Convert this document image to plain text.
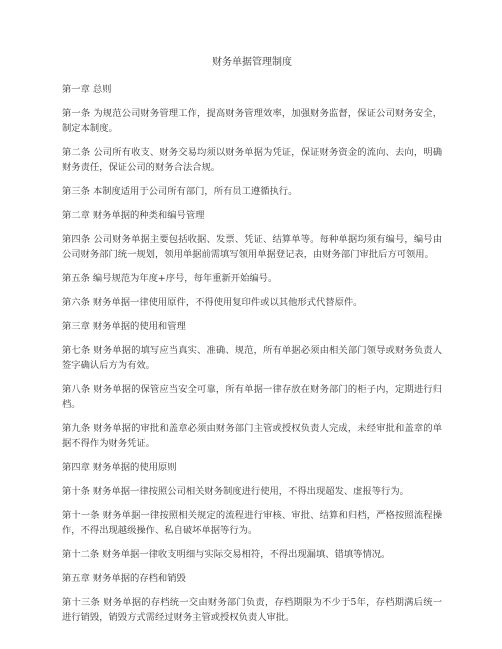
财务单据管理制度

第一章 总则

第一条 为规范公司财务管理工作，提高财务管理效率，加强财务监督，保证公司财务安全，制定本制度。

第二条 公司所有收支、财务交易均须以财务单据为凭证，保证财务资金的流向、去向，明确财务责任，保证公司的财务合法合规。

第三条 本制度适用于公司所有部门，所有员工遵循执行。

第二章 财务单据的种类和编号管理

第四条 公司财务单据主要包括收据、发票、凭证、结算单等。每种单据均须有编号，编号由公司财务部门统一规划，领用单据前需填写领用单据登记表，由财务部门审批后方可领用。

第五条 编号规范为年度+序号，每年重新开始编号。

第六条 财务单据一律使用原件，不得使用复印件或以其他形式代替原件。

第三章 财务单据的使用和管理

第七条 财务单据的填写应当真实、准确、规范，所有单据必须由相关部门领导或财务负责人签字确认后方为有效。

第八条 财务单据的保管应当安全可靠，所有单据一律存放在财务部门的柜子内，定期进行归档。

第九条 财务单据的审批和盖章必须由财务部门主管或授权负责人完成，未经审批和盖章的单据不得作为财务凭证。

第四章 财务单据的使用原则

第十条 财务单据一律按照公司相关财务制度进行使用，不得出现超发、虚报等行为。

第十一条 财务单据一律按照相关规定的流程进行审核、审批、结算和归档，严格按照流程操作，不得出现越级操作、私自破坏单据等行为。

第十二条 财务单据一律收支明细与实际交易相符，不得出现漏填、错填等情况。

第五章 财务单据的存档和销毁

第十三条 财务单据的存档统一交由财务部门负责，存档期限为不少于5年，存档期满后统一进行销毁，销毁方式需经过财务主管或授权负责人审批。
